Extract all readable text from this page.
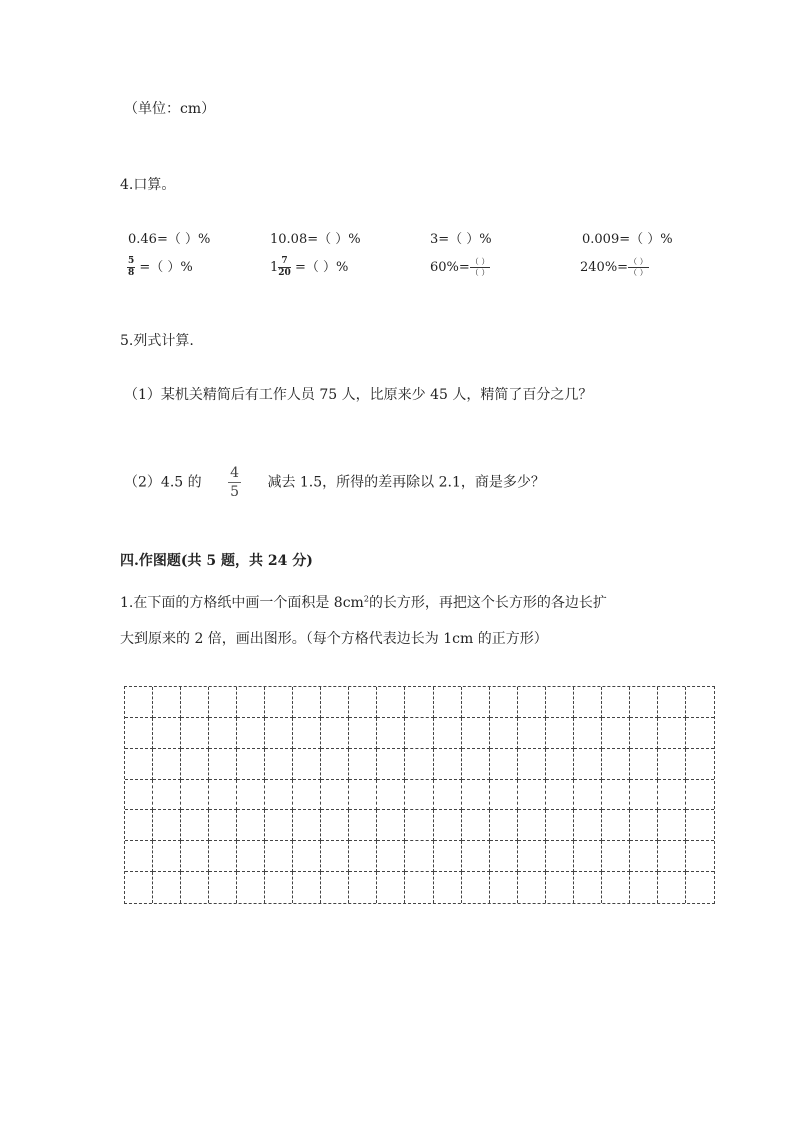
（单位：cm）
4.口算。
0.46=（ ）%	10.08=（ ）%	3=（ ）%	0.009=（ ）%
$\frac{5}{8}$ =（ ）%	$1 \frac{7}{20}$ =（ ）%	$60\%= \frac{( )}{( )}$	$240\%= \frac{( )}{( )}$
5.列式计算.
（1）某机关精简后有工作人员 75 人，比原来少 45 人，精简了百分之几？
（2）4.5 的 $\frac{4}{5}$ 减去 1.5，所得的差再除以 2.1，商是多少？
四.作图题(共 5 题，共 24 分)
1.在下面的方格纸中画一个面积是 $8cm^2$的长方形，再把这个长方形的各边长扩
大到原来的 2 倍，画出图形。（每个方格代表边长为 1cm 的正方形）
